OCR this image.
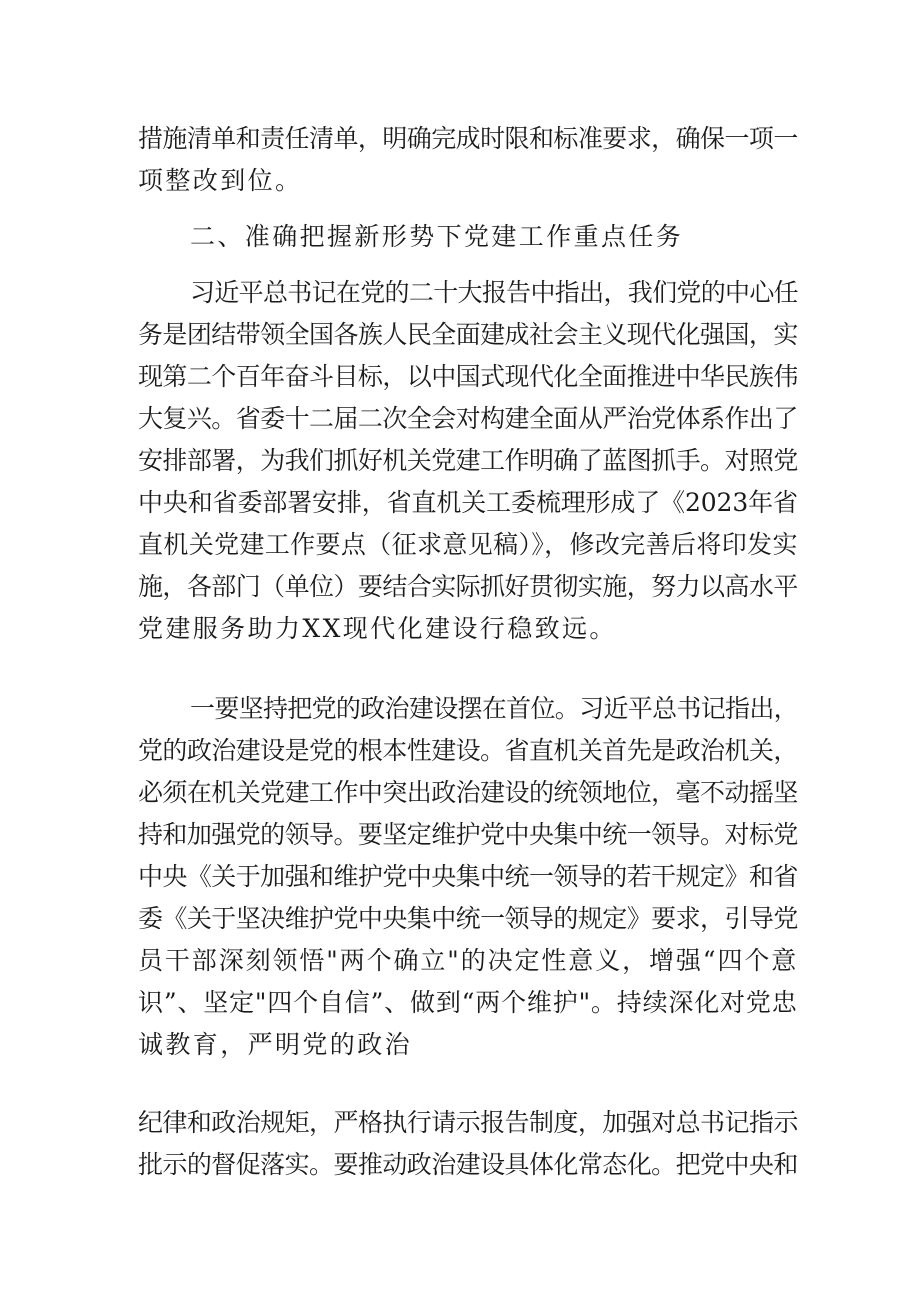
措施清单和责任清单，明确完成时限和标准要求，确保一项一
项整改到位。
二、准确把握新形势下党建工作重点任务
习近平总书记在党的二十大报告中指出，我们党的中心任
务是团结带领全国各族人民全面建成社会主义现代化强国，实
现第二个百年奋斗目标，以中国式现代化全面推进中华民族伟
大复兴。省委十二届二次全会对构建全面从严治党体系作出了
安排部署，为我们抓好机关党建工作明确了蓝图抓手。对照党
中央和省委部署安排，省直机关工委梳理形成了《2023年省
直机关党建工作要点（征求意见稿）》，修改完善后将印发实
施，各部门（单位）要结合实际抓好贯彻实施，努力以高水平
党建服务助力XX现代化建设行稳致远。
一要坚持把党的政治建设摆在首位。习近平总书记指出，
党的政治建设是党的根本性建设。省直机关首先是政治机关，
必须在机关党建工作中突出政治建设的统领地位，毫不动摇坚
持和加强党的领导。要坚定维护党中央集中统一领导。对标党
中央《关于加强和维护党中央集中统一领导的若干规定》和省
委《关于坚决维护党中央集中统一领导的规定》要求，引导党
员干部深刻领悟"两个确立"的决定性意义，增强“四个意
识”、坚定"四个自信”、做到“两个维护"。持续深化对党忠
诚教育，严明党的政治
纪律和政治规矩，严格执行请示报告制度，加强对总书记指示
批示的督促落实。要推动政治建设具体化常态化。把党中央和
